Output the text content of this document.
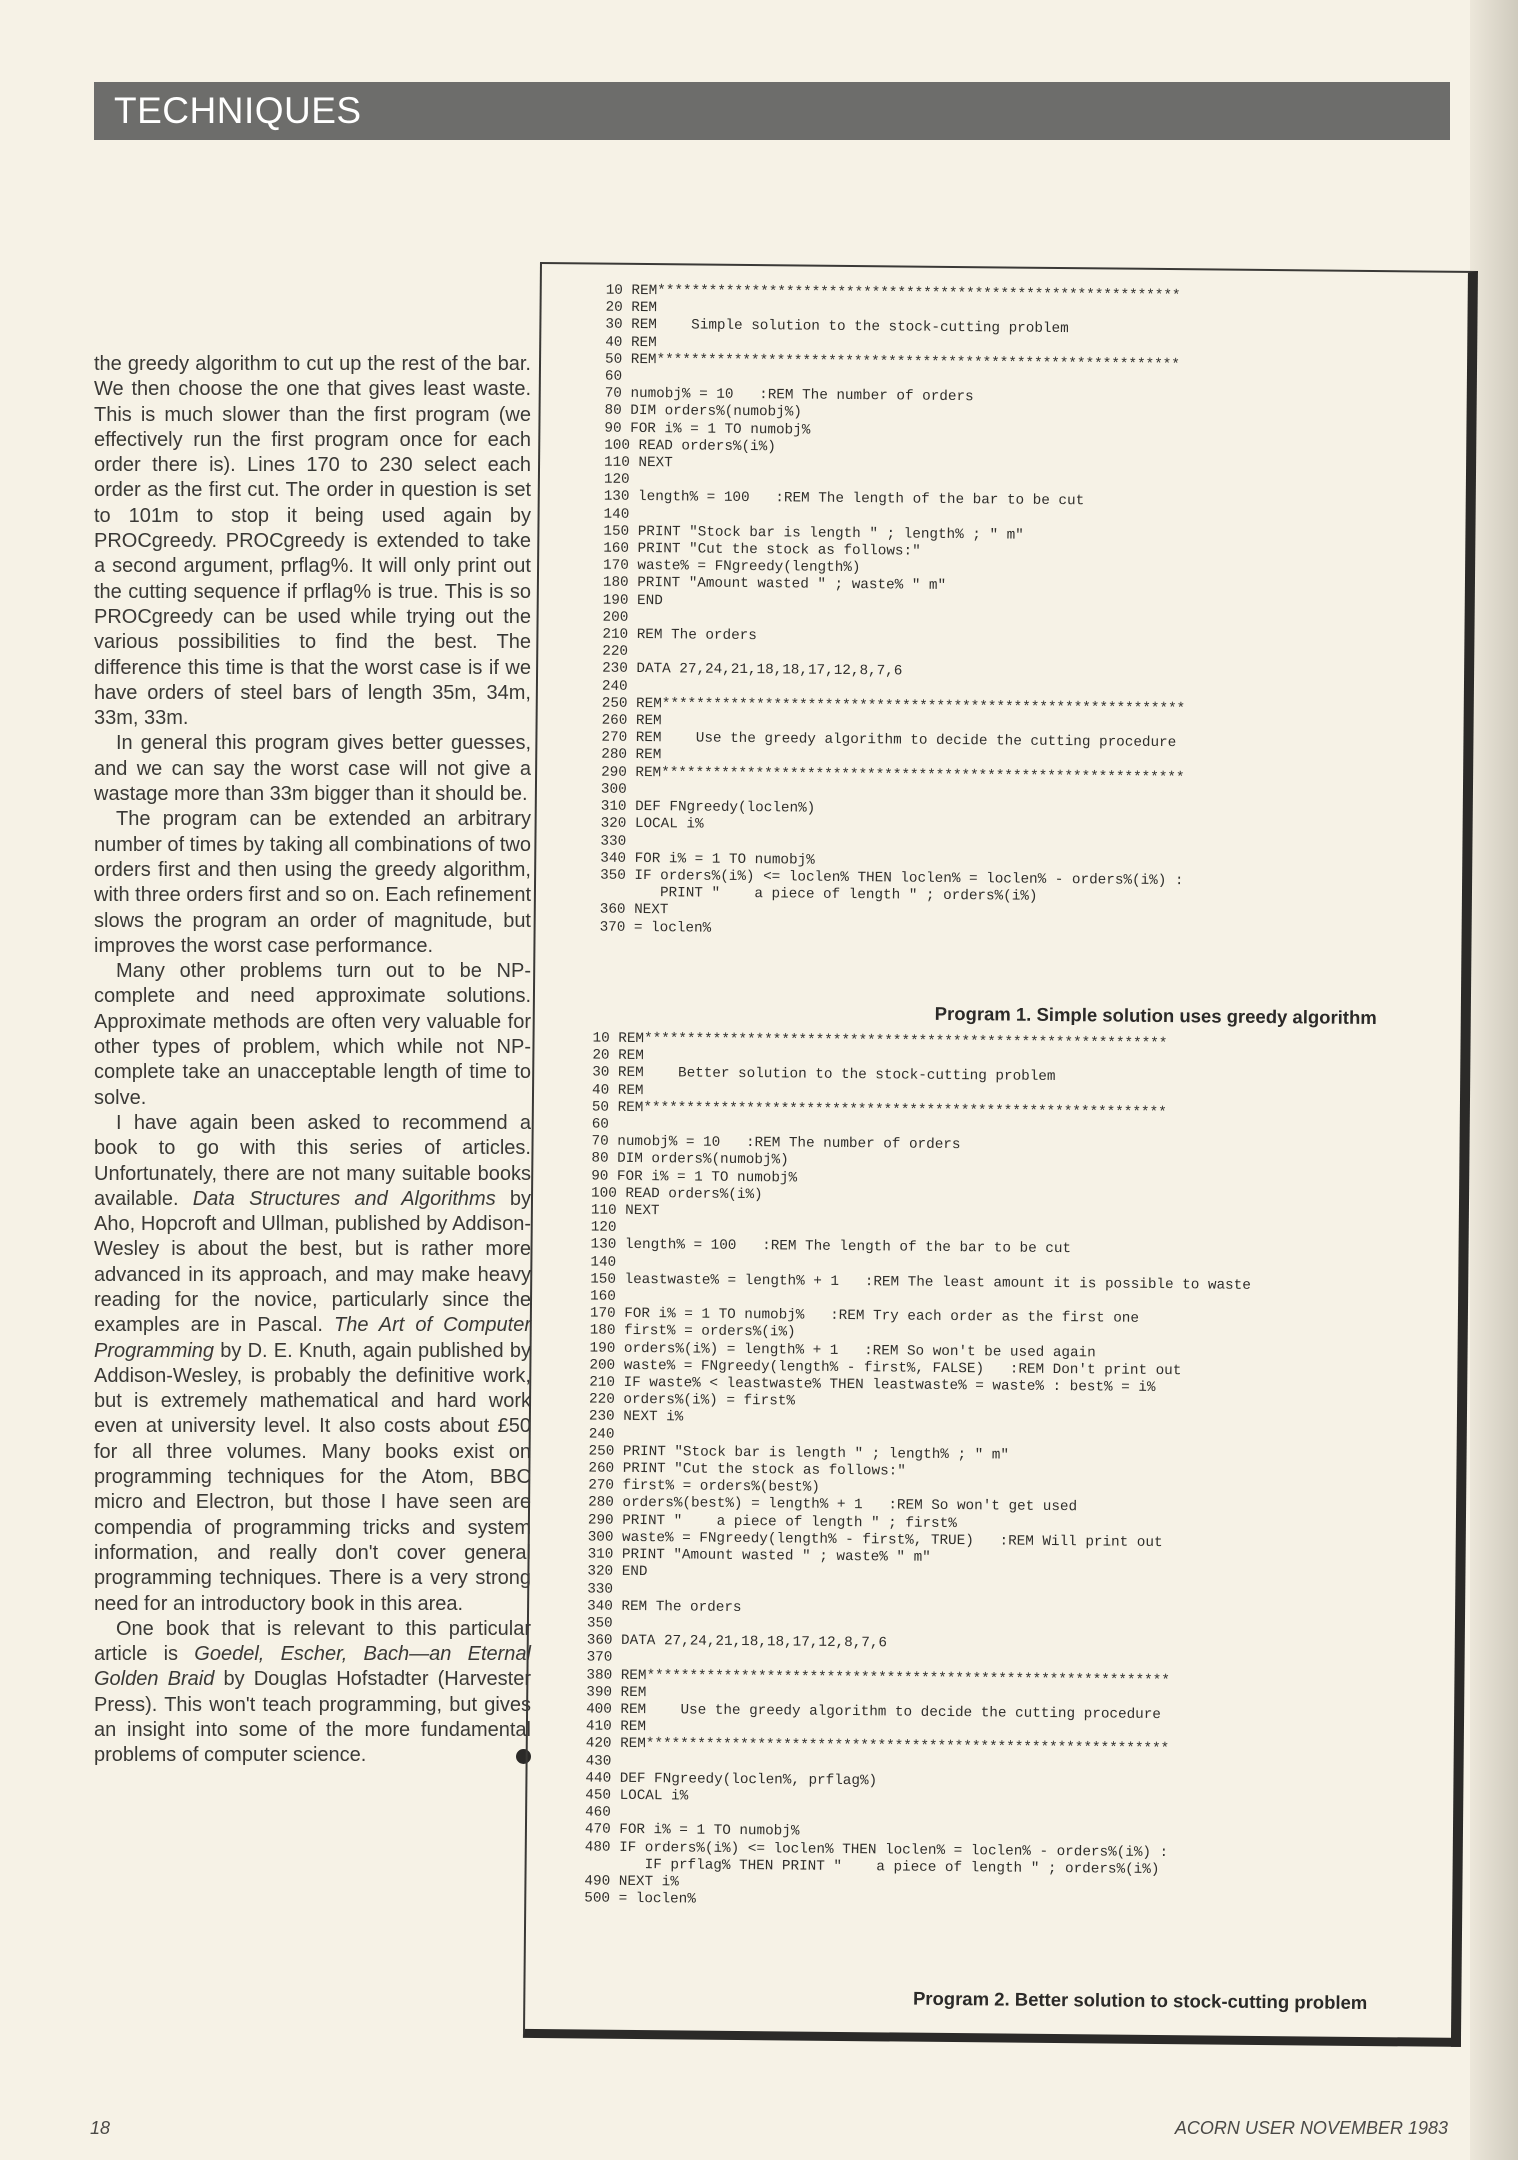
TECHNIQUES

the greedy algorithm to cut up the rest of the bar. We then choose the one that gives least waste. This is much slower than the first program (we effectively run the first program once for each order there is). Lines 170 to 230 select each order as the first cut. The order in question is set to 101m to stop it being used again by PROCgreedy. PROCgreedy is extended to take a second argument, prflag%. It will only print out the cutting sequence if prflag% is true. This is so PROCgreedy can be used while trying out the various possibilities to find the best. The difference this time is that the worst case is if we have orders of steel bars of length 35m, 34m, 33m, 33m.

In general this program gives better guesses, and we can say the worst case will not give a wastage more than 33m bigger than it should be.

The program can be extended an arbitrary number of times by taking all combinations of two orders first and then using the greedy algorithm, with three orders first and so on. Each refinement slows the program an order of magnitude, but improves the worst case performance.

Many other problems turn out to be NP-complete and need approximate solutions. Approximate methods are often very valuable for other types of problem, which while not NP-complete take an unacceptable length of time to solve.

I have again been asked to recommend a book to go with this series of articles. Unfortunately, there are not many suitable books available. Data Structures and Algorithms by Aho, Hopcroft and Ullman, published by Addison-Wesley is about the best, but is rather more advanced in its approach, and may make heavy reading for the novice, particularly since the examples are in Pascal. The Art of Computer Programming by D. E. Knuth, again published by Addison-Wesley, is probably the definitive work, but is extremely mathematical and hard work even at university level. It also costs about £50 for all three volumes. Many books exist on programming techniques for the Atom, BBC micro and Electron, but those I have seen are compendia of programming tricks and system information, and really don't cover general programming techniques. There is a very strong need for an introductory book in this area.

One book that is relevant to this particular article is Goedel, Escher, Bach—an Eternal Golden Braid by Douglas Hofstadter (Harvester Press). This won't teach programming, but gives an insight into some of the more fundamental problems of computer science.

10 REM*************************************************************
20 REM
30 REM    Simple solution to the stock-cutting problem
40 REM
50 REM*************************************************************
60
70 numobj% = 10   :REM The number of orders
80 DIM orders%(numobj%)
90 FOR i% = 1 TO numobj%
100 READ orders%(i%)
110 NEXT
120
130 length% = 100   :REM The length of the bar to be cut
140
150 PRINT "Stock bar is length " ; length% ; " m"
160 PRINT "Cut the stock as follows:"
170 waste% = FNgreedy(length%)
180 PRINT "Amount wasted " ; waste% " m"
190 END
200
210 REM The orders
220
230 DATA 27,24,21,18,18,17,12,8,7,6
240
250 REM*************************************************************
260 REM
270 REM    Use the greedy algorithm to decide the cutting procedure
280 REM
290 REM*************************************************************
300
310 DEF FNgreedy(loclen%)
320 LOCAL i%
330
340 FOR i% = 1 TO numobj%
350 IF orders%(i%) <= loclen% THEN loclen% = loclen% - orders%(i%) :
PRINT "    a piece of length " ; orders%(i%)
360 NEXT
370 = loclen%
Program 1. Simple solution uses greedy algorithm
10 REM*************************************************************
20 REM
30 REM    Better solution to the stock-cutting problem
40 REM
50 REM*************************************************************
60
70 numobj% = 10   :REM The number of orders
80 DIM orders%(numobj%)
90 FOR i% = 1 TO numobj%
100 READ orders%(i%)
110 NEXT
120
130 length% = 100   :REM The length of the bar to be cut
140
150 leastwaste% = length% + 1   :REM The least amount it is possible to waste
160
170 FOR i% = 1 TO numobj%   :REM Try each order as the first one
180 first% = orders%(i%)
190 orders%(i%) = length% + 1   :REM So won't be used again
200 waste% = FNgreedy(length% - first%, FALSE)   :REM Don't print out
210 IF waste% < leastwaste% THEN leastwaste% = waste% : best% = i%
220 orders%(i%) = first%
230 NEXT i%
240
250 PRINT "Stock bar is length " ; length% ; " m"
260 PRINT "Cut the stock as follows:"
270 first% = orders%(best%)
280 orders%(best%) = length% + 1   :REM So won't get used
290 PRINT "    a piece of length " ; first%
300 waste% = FNgreedy(length% - first%, TRUE)   :REM Will print out
310 PRINT "Amount wasted " ; waste% " m"
320 END
330
340 REM The orders
350
360 DATA 27,24,21,18,18,17,12,8,7,6
370
380 REM*************************************************************
390 REM
400 REM    Use the greedy algorithm to decide the cutting procedure
410 REM
420 REM*************************************************************
430
440 DEF FNgreedy(loclen%, prflag%)
450 LOCAL i%
460
470 FOR i% = 1 TO numobj%
480 IF orders%(i%) <= loclen% THEN loclen% = loclen% - orders%(i%) :
IF prflag% THEN PRINT "    a piece of length " ; orders%(i%)
490 NEXT i%
500 = loclen%
Program 2. Better solution to stock-cutting problem
18	ACORN USER NOVEMBER 1983
